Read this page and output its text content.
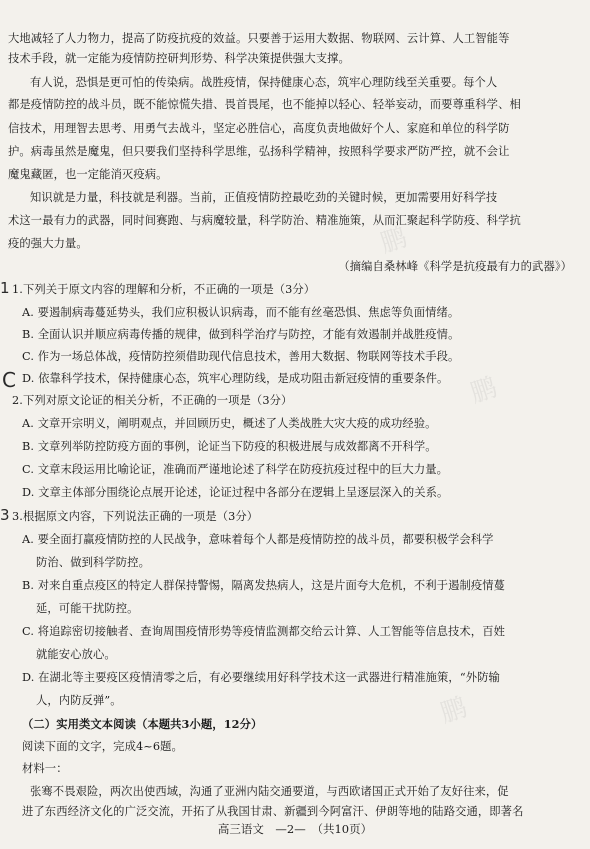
鹏
鹏
鹏
大地减轻了人力物力，提高了防疫抗疫的效益。只要善于运用大数据、物联网、云计算、人工智能等
技术手段，就一定能为疫情防控研判形势、科学决策提供强大支撑。
有人说，恐惧是更可怕的传染病。战胜疫情，保持健康心态，筑牢心理防线至关重要。每个人
都是疫情防控的战斗员，既不能惊慌失措、畏首畏尾，也不能掉以轻心、轻举妄动，而要尊重科学、相
信技术，用理智去思考、用勇气去战斗，坚定必胜信心，高度负责地做好个人、家庭和单位的科学防
护。病毒虽然是魔鬼，但只要我们坚持科学思维，弘扬科学精神，按照科学要求严防严控，就不会让
魔鬼藏匿，也一定能消灭疫病。
知识就是力量，科技就是利器。当前，正值疫情防控最吃劲的关键时候，更加需要用好科学技
术这一最有力的武器，同时间赛跑、与病魔较量，科学防治、精准施策，从而汇聚起科学防疫、科学抗
疫的强大力量。
（摘编自桑林峰《科学是抗疫最有力的武器》）
1 1.下列关于原文内容的理解和分析，不正确的一项是（3分）
A. 要遏制病毒蔓延势头，我们应积极认识病毒，而不能有丝毫恐惧、焦虑等负面情绪。
B. 全面认识并顺应病毒传播的规律，做到科学治疗与防控，才能有效遏制并战胜疫情。
C. 作为一场总体战，疫情防控须借助现代信息技术，善用大数据、物联网等技术手段。
D. 依靠科学技术，保持健康心态，筑牢心理防线，是成功阻击新冠疫情的重要条件。
C
2.下列对原文论证的相关分析，不正确的一项是（3分）
A. 文章开宗明义，阐明观点，并回顾历史，概述了人类战胜大灾大疫的成功经验。
B. 文章列举防控防疫方面的事例，论证当下防疫的积极进展与成效都离不开科学。
C. 文章末段运用比喻论证，准确而严谨地论述了科学在防疫抗疫过程中的巨大力量。
D. 文章主体部分围绕论点展开论述，论证过程中各部分在逻辑上呈逐层深入的关系。
3 3.根据原文内容，下列说法正确的一项是（3分）
A. 要全面打赢疫情防控的人民战争，意味着每个人都是疫情防控的战斗员，都要积极学会科学
防治、做到科学防控。
B. 对来自重点疫区的特定人群保持警惕，隔离发热病人，这是片面夸大危机，不利于遏制疫情蔓
延，可能干扰防控。
C. 将追踪密切接触者、查询周围疫情形势等疫情监测都交给云计算、人工智能等信息技术，百姓
就能安心放心。
D. 在湖北等主要疫区疫情清零之后，有必要继续用好科学技术这一武器进行精准施策，“外防输
人，内防反弹”。
（二）实用类文本阅读（本题共3小题，12分）
阅读下面的文字，完成4~6题。
材料一：
张骞不畏艰险，两次出使西域，沟通了亚洲内陆交通要道，与西欧诸国正式开始了友好往来，促
进了东西经济文化的广泛交流，开拓了从我国甘肃、新疆到今阿富汗、伊朗等地的陆路交通，即著名
高三语文　—2—　（共10页）
